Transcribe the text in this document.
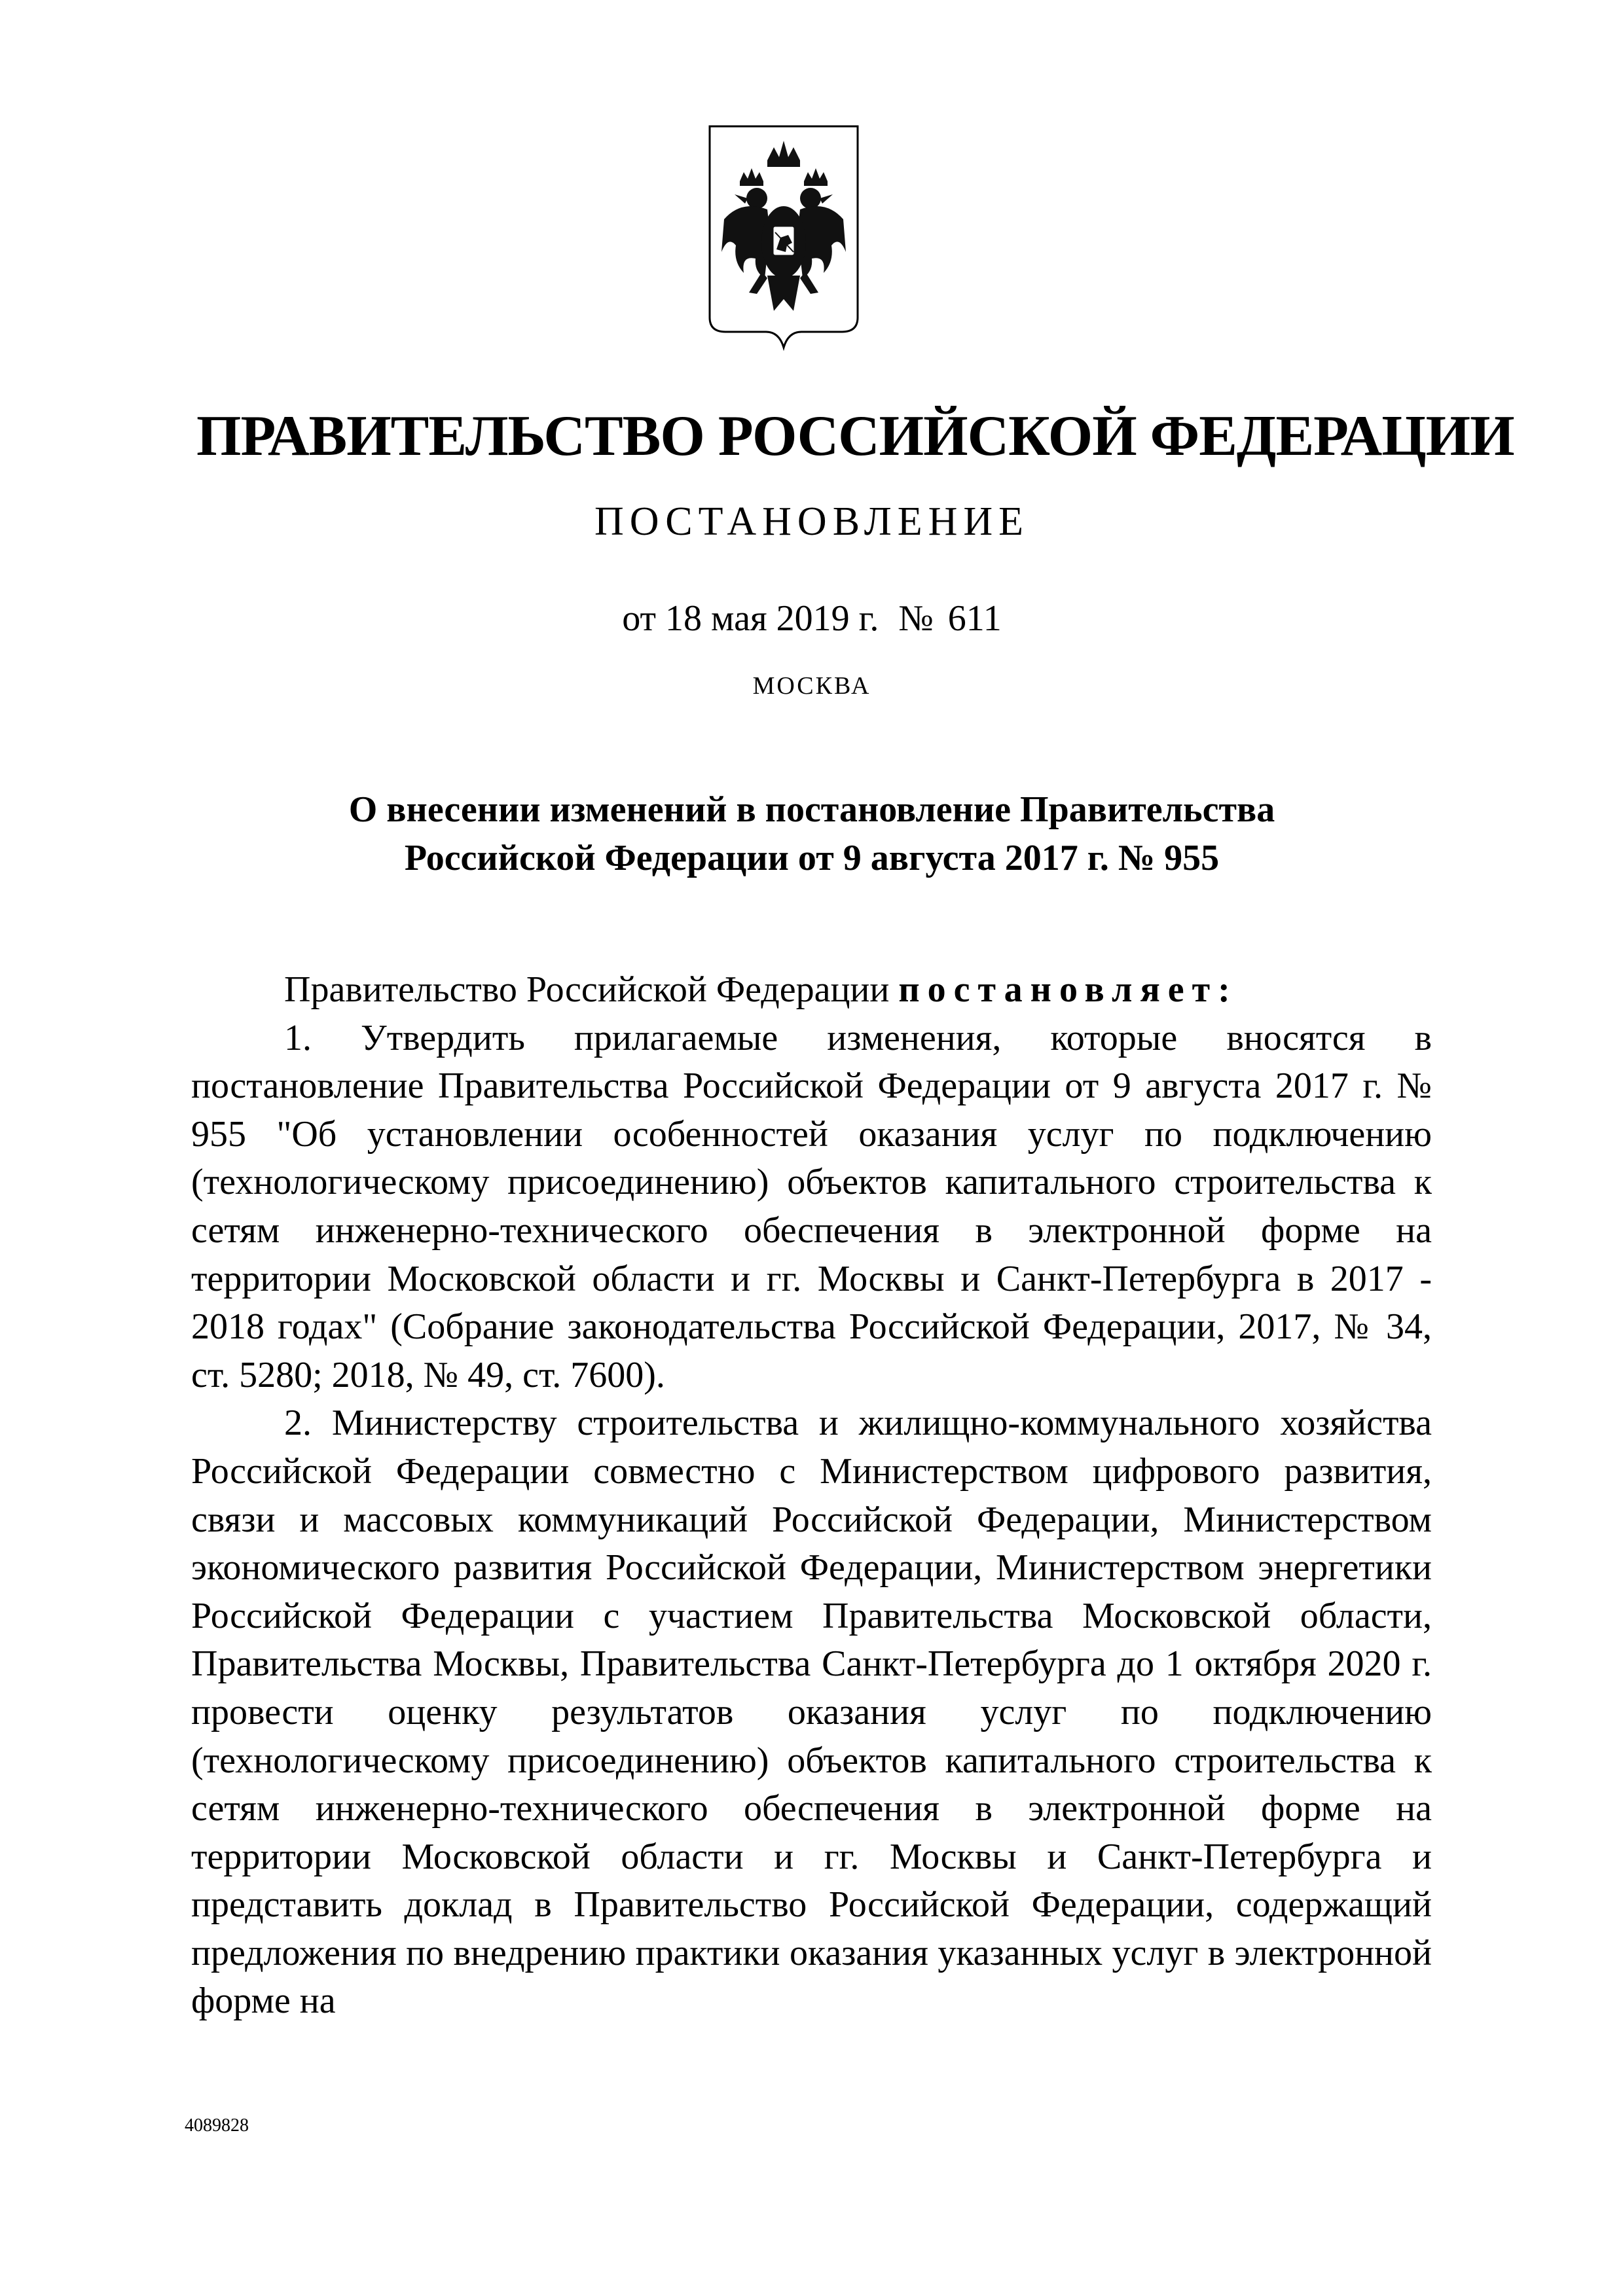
ПРАВИТЕЛЬСТВО РОССИЙСКОЙ ФЕДЕРАЦИИ
ПОСТАНОВЛЕНИЕ
от 18 мая 2019 г. № 611
МОСКВА
О внесении изменений в постановление Правительства
Российской Федерации от 9 августа 2017 г. № 955

Правительство Российской Федерации постановляет:

1. Утвердить прилагаемые изменения, которые вносятся в постановление Правительства Российской Федерации от 9 августа 2017 г. № 955 "Об установлении особенностей оказания услуг по подключению (технологическому присоединению) объектов капитального строительства к сетям инженерно-технического обеспечения в электронной форме на территории Московской области и гг. Москвы и Санкт-Петербурга в 2017 - 2018 годах" (Собрание законодательства Российской Федерации, 2017, № 34, ст. 5280; 2018, № 49, ст. 7600).

2. Министерству строительства и жилищно-коммунального хозяйства Российской Федерации совместно с Министерством цифрового развития, связи и массовых коммуникаций Российской Федерации, Министерством экономического развития Российской Федерации, Министерством энергетики Российской Федерации с участием Правительства Московской области, Правительства Москвы, Правительства Санкт-Петербурга до 1 октября 2020 г. провести оценку результатов оказания услуг по подключению (технологическому присоединению) объектов капитального строительства к сетям инженерно-технического обеспечения в электронной форме на территории Московской области и гг. Москвы и Санкт-Петербурга и представить доклад в Правительство Российской Федерации, содержащий предложения по внедрению практики оказания указанных услуг в электронной форме на

4089828
